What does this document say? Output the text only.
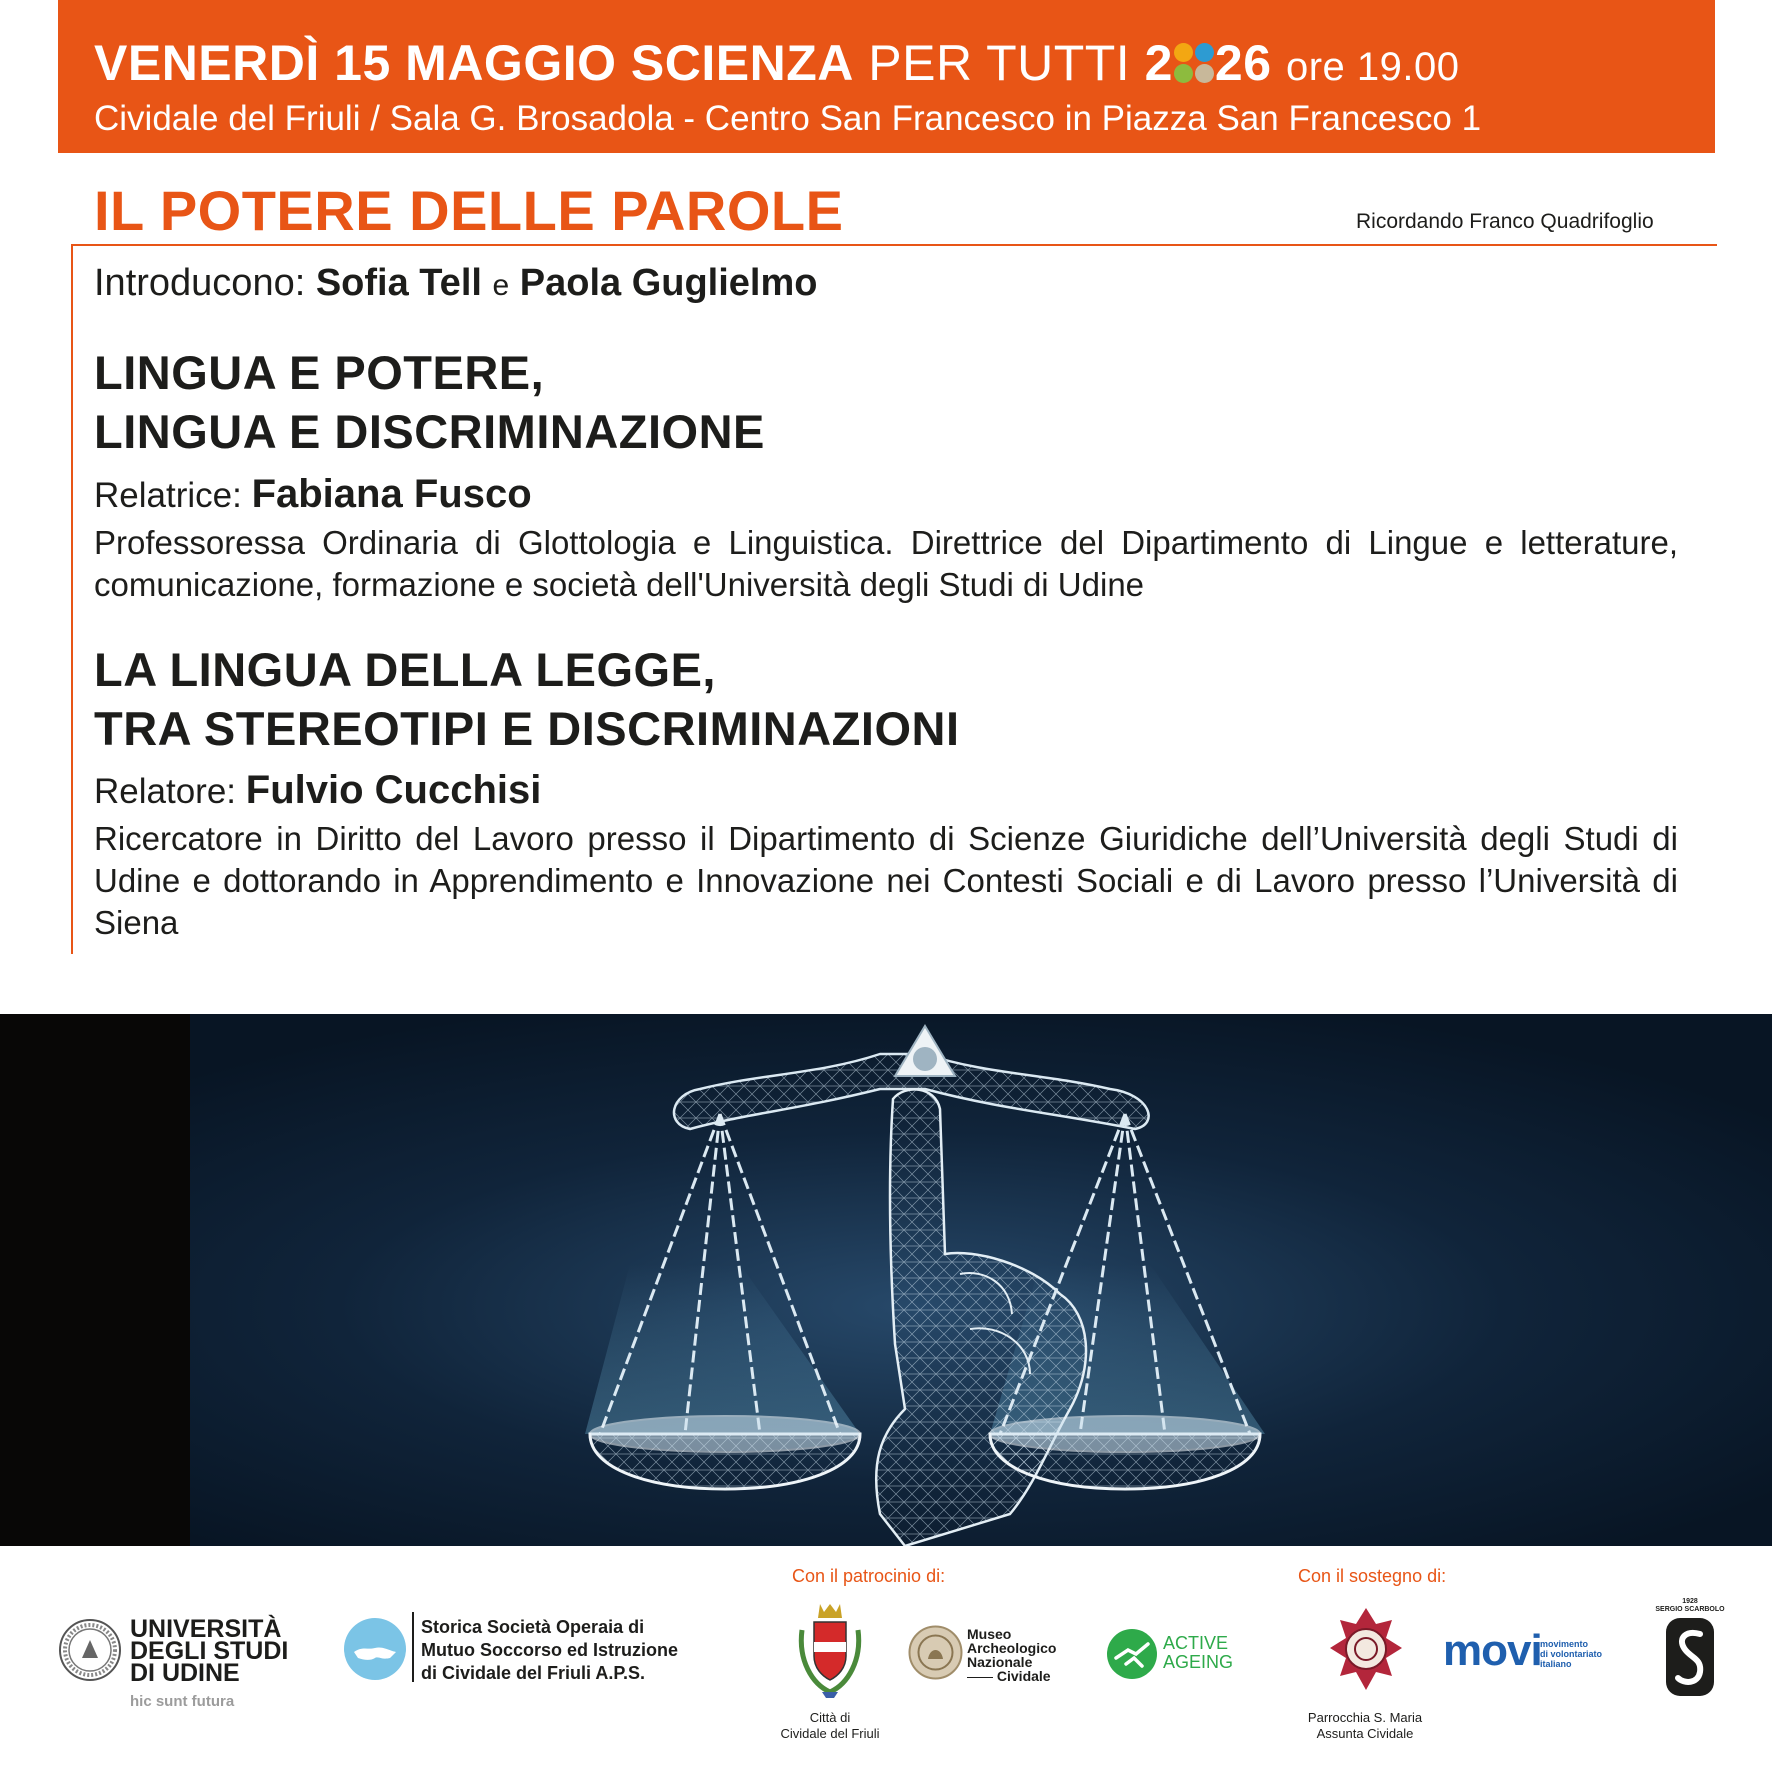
VENERDÌ 15 MAGGIO SCIENZA PER TUTTI 2 26 ore 19.00
Cividale del Friuli / Sala G. Brosadola - Centro San Francesco in Piazza San Francesco 1
IL POTERE DELLE PAROLE	Ricordando Franco Quadrifoglio
Introducono: Sofia Tell e Paola Guglielmo
LINGUA E POTERE,
LINGUA E DISCRIMINAZIONE
Relatrice: Fabiana Fusco
Professoressa Ordinaria di Glottologia e Linguistica. Direttrice del Dipartimento di Lingue e letterature, comunicazione, formazione e società dell'Università degli Studi di Udine
LA LINGUA DELLA LEGGE,
TRA STEREOTIPI E DISCRIMINAZIONI
Relatore: Fulvio Cucchisi
Ricercatore in Diritto del Lavoro presso il Dipartimento di Scienze Giuridiche dell’Università degli Studi di Udine e dottorando in Apprendimento e Innovazione nei Contesti Sociali e di Lavoro presso l’Università di Siena
Con il patrocinio di:	Con il sostegno di:
UNIVERSITÀ
DEGLI STUDI
DI UDINE
hic sunt futura
Storica Società Operaia di
Mutuo Soccorso ed Istruzione
di Cividale del Friuli A.P.S.
Città di
Cividale del Friuli
Museo
Archeologico
Nazionale
Cividale
ACTIVE
AGEING
Parrocchia S. Maria
Assunta Cividale
movi
movimento
di volontariato
italiano
1928
SERGIO SCARBOLO
